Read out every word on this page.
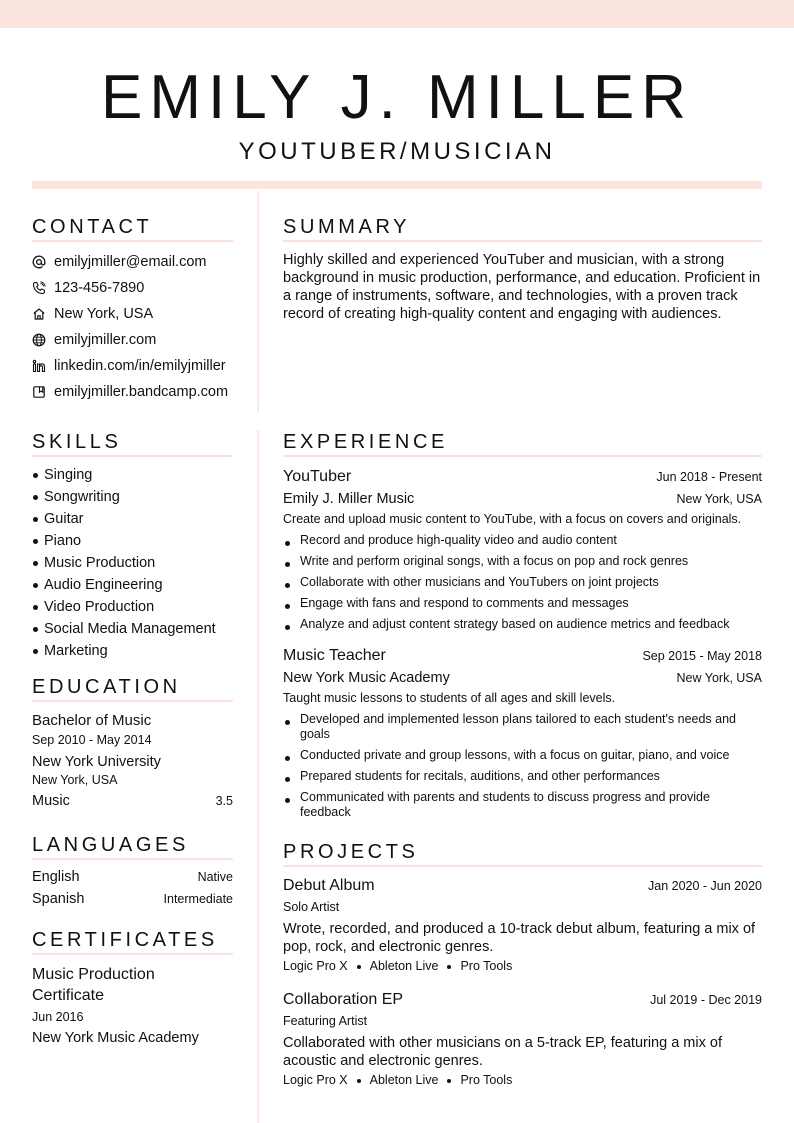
EMILY J. MILLER
YOUTUBER/MUSICIAN
CONTACT
emilyjmiller@email.com
123-456-7890
New York, USA
emilyjmiller.com
linkedin.com/in/emilyjmiller
emilyjmiller.bandcamp.com
SUMMARY
Highly skilled and experienced YouTuber and musician, with a strong background in music production, performance, and education. Proficient in a range of instruments, software, and technologies, with a proven track record of creating high-quality content and engaging with audiences.
SKILLS
Singing
Songwriting
Guitar
Piano
Music Production
Audio Engineering
Video Production
Social Media Management
Marketing
EDUCATION
Bachelor of Music
Sep 2010 - May 2014
New York University
New York, USA
Music	3.5
LANGUAGES
English	Native
Spanish	Intermediate
CERTIFICATES
Music Production Certificate
Jun 2016
New York Music Academy
EXPERIENCE
YouTuber	Jun 2018 - Present
Emily J. Miller Music	New York, USA
Create and upload music content to YouTube, with a focus on covers and originals.
Record and produce high-quality video and audio content
Write and perform original songs, with a focus on pop and rock genres
Collaborate with other musicians and YouTubers on joint projects
Engage with fans and respond to comments and messages
Analyze and adjust content strategy based on audience metrics and feedback
Music Teacher	Sep 2015 - May 2018
New York Music Academy	New York, USA
Taught music lessons to students of all ages and skill levels.
Developed and implemented lesson plans tailored to each student's needs and goals
Conducted private and group lessons, with a focus on guitar, piano, and voice
Prepared students for recitals, auditions, and other performances
Communicated with parents and students to discuss progress and provide feedback
PROJECTS
Debut Album	Jan 2020 - Jun 2020
Solo Artist
Wrote, recorded, and produced a 10-track debut album, featuring a mix of pop, rock, and electronic genres.
Logic Pro X Ableton Live Pro Tools
Collaboration EP	Jul 2019 - Dec 2019
Featuring Artist
Collaborated with other musicians on a 5-track EP, featuring a mix of acoustic and electronic genres.
Logic Pro X Ableton Live Pro Tools
